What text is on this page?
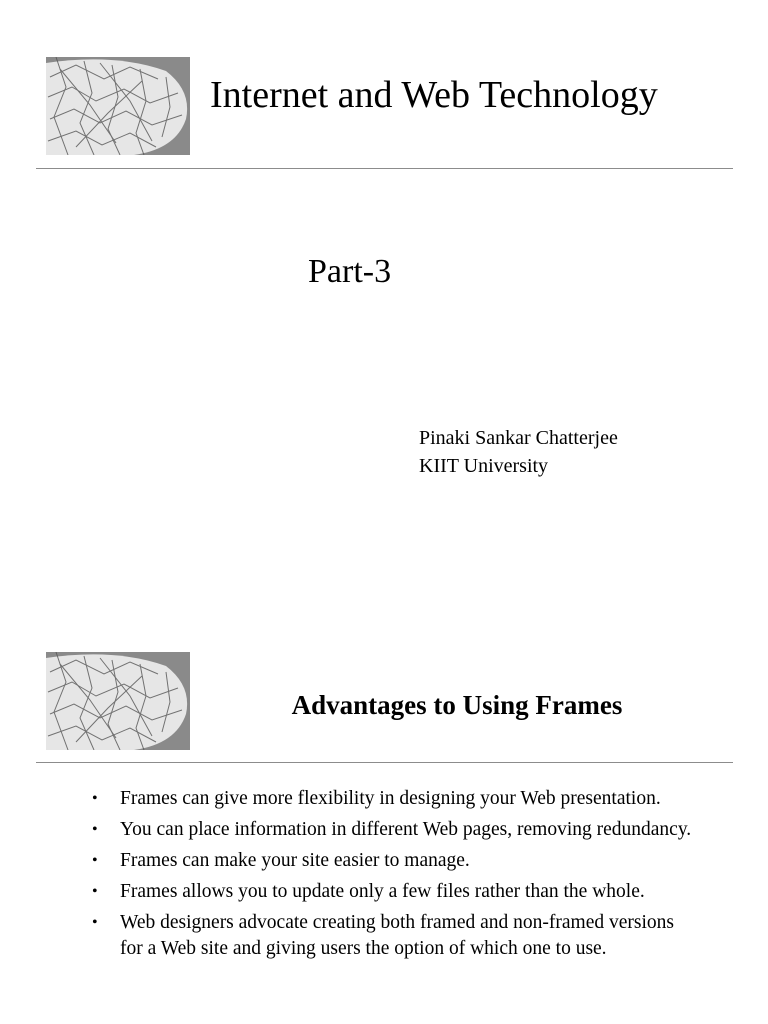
Internet and Web Technology
Part-3
Pinaki Sankar Chatterjee
KIIT University
Advantages to Using Frames
• Frames can give more flexibility in designing your Web presentation.
• You can place information in different Web pages, removing redundancy.
• Frames can make your site easier to manage.
• Frames allows you to update only a few files rather than the whole.
• Web designers advocate creating both framed and non-framed versions for a Web site and giving users the option of which one to use.
